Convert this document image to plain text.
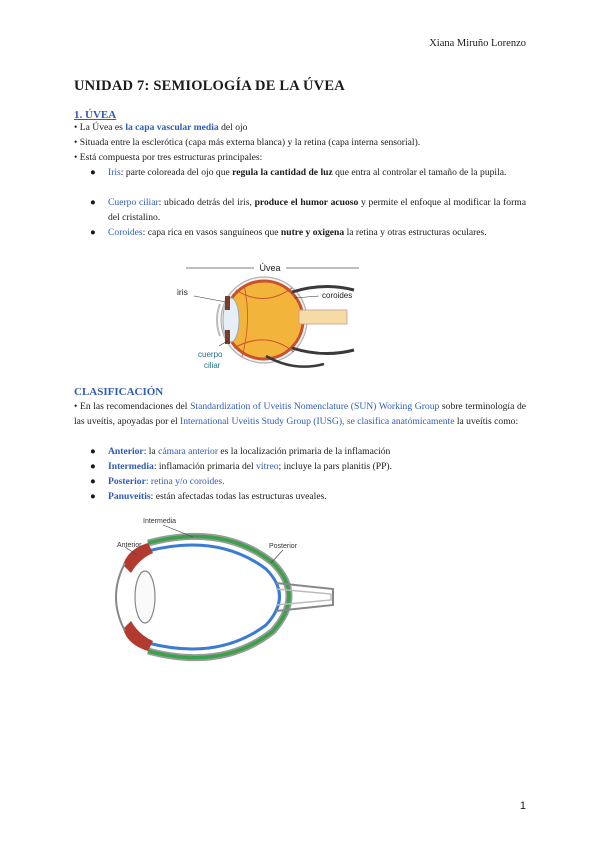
Xiana Miruño Lorenzo
UNIDAD 7: SEMIOLOGÍA DE LA ÚVEA
1. ÚVEA
• La Úvea es la capa vascular media del ojo
• Situada entre la esclerótica (capa más externa blanca) y la retina (capa interna sensorial).
• Está compuesta por tres estructuras principales:
● Iris: parte coloreada del ojo que regula la cantidad de luz que entra al controlar el tamaño de la pupila.
● Cuerpo ciliar: ubicado detrás del iris, produce el humor acuoso y permite el enfoque al modificar la forma del cristalino.
● Coroides: capa rica en vasos sanguíneos que nutre y oxigena la retina y otras estructuras oculares.
Úvea
iris	coroides
cuerpo
ciliar
CLASIFICACIÓN
• En las recomendaciones del Standardization of Uveitis Nomenclature (SUN) Working Group sobre terminología de las uveítis, apoyadas por el International Uveitis Study Group (IUSG), se clasifica anatómicamente la uveítis como:
● Anterior: la cámara anterior es la localización primaria de la inflamación
● Intermedia: inflamación primaria del vítreo; incluye la pars planitis (PP).
● Posterior: retina y/o coroides.
● Panuveítis: están afectadas todas las estructuras uveales.
Intermedia
Anterior	Posterior
1
